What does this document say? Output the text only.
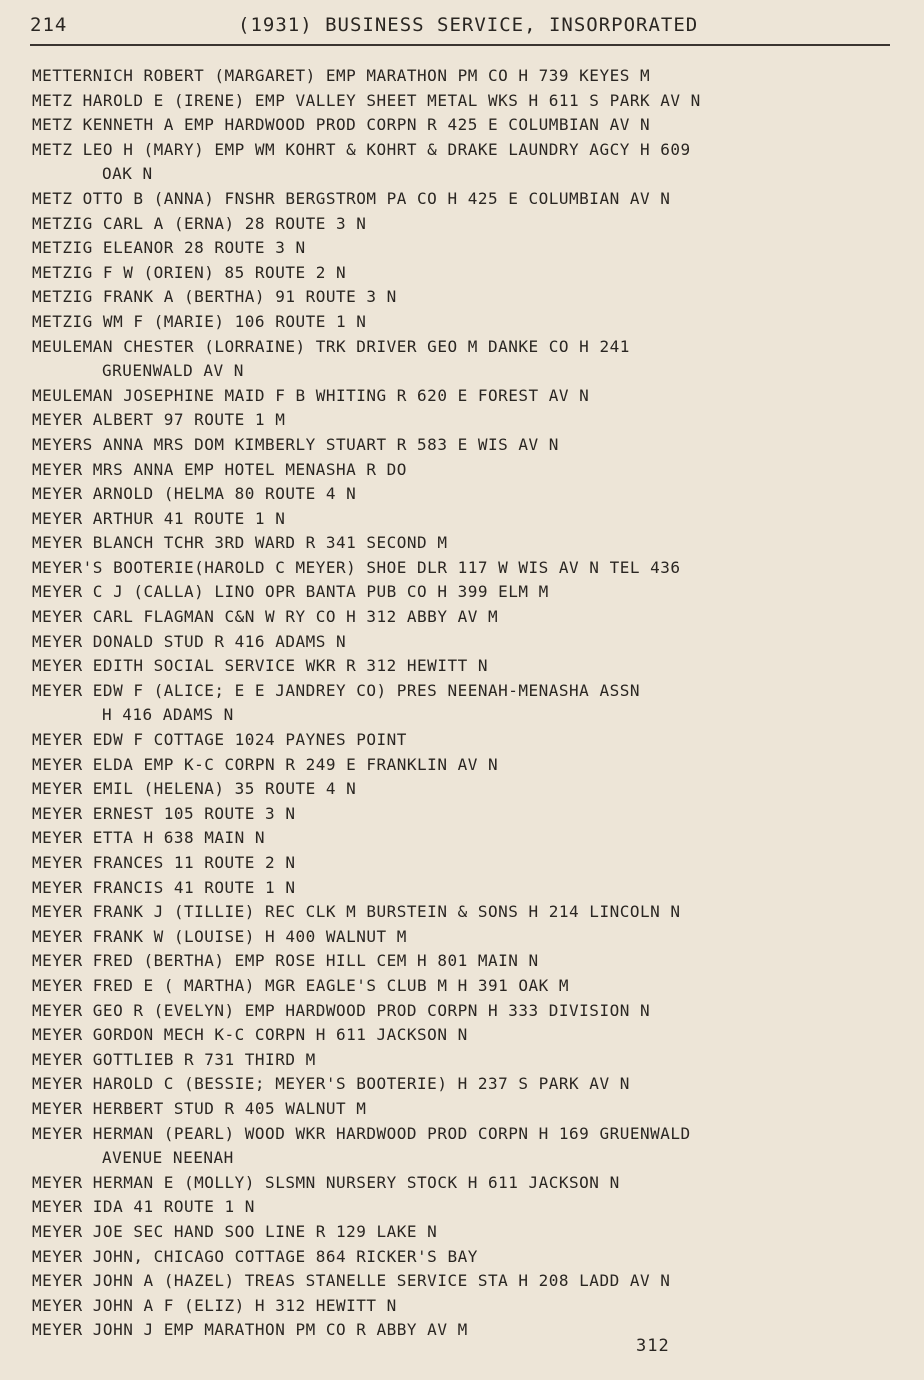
214	(1931) BUSINESS SERVICE, INSORPORATED
METTERNICH ROBERT (MARGARET) EMP MARATHON PM CO H 739 KEYES M
METZ HAROLD E (IRENE) EMP VALLEY SHEET METAL WKS H 611 S PARK AV N
METZ KENNETH A EMP HARDWOOD PROD CORPN R 425 E COLUMBIAN AV N
METZ LEO H (MARY) EMP WM KOHRT & KOHRT & DRAKE LAUNDRY AGCY H 609
OAK N
METZ OTTO B (ANNA) FNSHR BERGSTROM PA CO H 425 E COLUMBIAN AV N
METZIG CARL A (ERNA) 28 ROUTE 3 N
METZIG ELEANOR 28 ROUTE 3 N
METZIG F W (ORIEN) 85 ROUTE 2 N
METZIG FRANK A (BERTHA) 91 ROUTE 3 N
METZIG WM F (MARIE) 106 ROUTE 1 N
MEULEMAN CHESTER (LORRAINE) TRK DRIVER GEO M DANKE CO H 241
GRUENWALD AV N
MEULEMAN JOSEPHINE MAID F B WHITING R 620 E FOREST AV N
MEYER ALBERT 97 ROUTE 1 M
MEYERS ANNA MRS DOM KIMBERLY STUART R 583 E WIS AV N
MEYER MRS ANNA EMP HOTEL MENASHA R DO
MEYER ARNOLD (HELMA 80 ROUTE 4 N
MEYER ARTHUR 41 ROUTE 1 N
MEYER BLANCH TCHR 3RD WARD R 341 SECOND M
MEYER'S BOOTERIE(HAROLD C MEYER) SHOE DLR 117 W WIS AV N TEL 436
MEYER C J (CALLA) LINO OPR BANTA PUB CO H 399 ELM M
MEYER CARL FLAGMAN C&N W RY CO H 312 ABBY AV M
MEYER DONALD STUD R 416 ADAMS N
MEYER EDITH SOCIAL SERVICE WKR R 312 HEWITT N
MEYER EDW F (ALICE; E E JANDREY CO) PRES NEENAH-MENASHA ASSN
H 416 ADAMS N
MEYER EDW F COTTAGE 1024 PAYNES POINT
MEYER ELDA EMP K-C CORPN R 249 E FRANKLIN AV N
MEYER EMIL (HELENA) 35 ROUTE 4 N
MEYER ERNEST 105 ROUTE 3 N
MEYER ETTA H 638 MAIN N
MEYER FRANCES 11 ROUTE 2 N
MEYER FRANCIS 41 ROUTE 1 N
MEYER FRANK J (TILLIE) REC CLK M BURSTEIN & SONS H 214 LINCOLN N
MEYER FRANK W (LOUISE) H 400 WALNUT M
MEYER FRED (BERTHA) EMP ROSE HILL CEM H 801 MAIN N
MEYER FRED E ( MARTHA) MGR EAGLE'S CLUB M H 391 OAK M
MEYER GEO R (EVELYN) EMP HARDWOOD PROD CORPN H 333 DIVISION N
MEYER GORDON MECH K-C CORPN H 611 JACKSON N
MEYER GOTTLIEB R 731 THIRD M
MEYER HAROLD C (BESSIE; MEYER'S BOOTERIE) H 237 S PARK AV N
MEYER HERBERT STUD R 405 WALNUT M
MEYER HERMAN (PEARL) WOOD WKR HARDWOOD PROD CORPN H 169 GRUENWALD
AVENUE NEENAH
MEYER HERMAN E (MOLLY) SLSMN NURSERY STOCK H 611 JACKSON N
MEYER IDA 41 ROUTE 1 N
MEYER JOE SEC HAND SOO LINE R 129 LAKE N
MEYER JOHN, CHICAGO COTTAGE 864 RICKER'S BAY
MEYER JOHN A (HAZEL) TREAS STANELLE SERVICE STA H 208 LADD AV N
MEYER JOHN A F (ELIZ) H 312 HEWITT N
MEYER JOHN J EMP MARATHON PM CO R ABBY AV M
312
